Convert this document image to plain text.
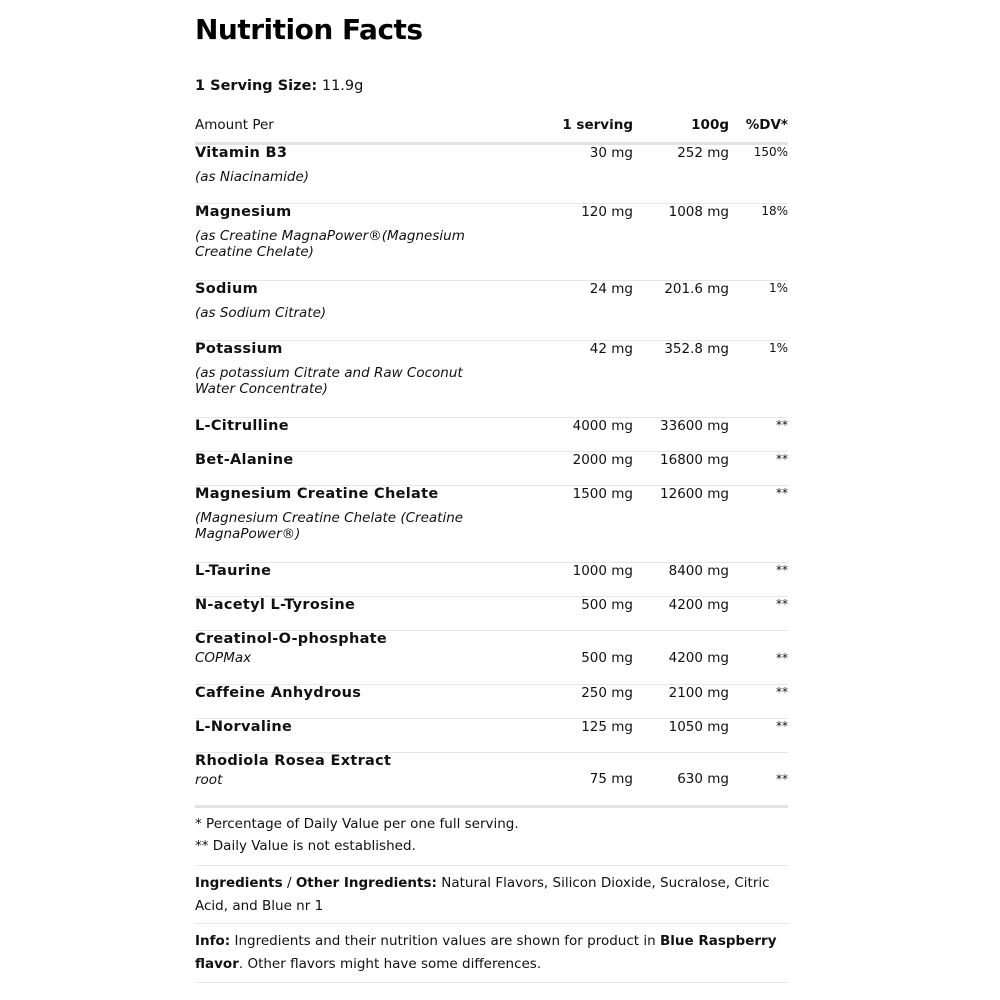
Nutrition Facts
1 Serving Size: 11.9g
Amount Per	1 serving	100g	%DV*

Vitamin B3
(as Niacinamide)	30 mg	252 mg	150%

Magnesium
(as Creatine MagnaPower®(Magnesium Creatine Chelate)	120 mg	1008 mg	18%

Sodium
(as Sodium Citrate)	24 mg	201.6 mg	1%

Potassium
(as potassium Citrate and Raw Coconut Water Concentrate)	42 mg	352.8 mg	1%

L-Citrulline	4000 mg	33600 mg	**

Bet-Alanine	2000 mg	16800 mg	**

Magnesium Creatine Chelate
(Magnesium Creatine Chelate (Creatine MagnaPower®)	1500 mg	12600 mg	**

L-Taurine	1000 mg	8400 mg	**

N-acetyl L-Tyrosine	500 mg	4200 mg	**

Creatinol-O-phosphate
COPMax	500 mg	4200 mg	**

Caffeine Anhydrous	250 mg	2100 mg	**

L-Norvaline	125 mg	1050 mg	**

Rhodiola Rosea Extract
root	75 mg	630 mg	**
* Percentage of Daily Value per one full serving.
** Daily Value is not established.
Ingredients / Other Ingredients: Natural Flavors, Silicon Dioxide, Sucralose, Citric Acid, and Blue nr 1
Info: Ingredients and their nutrition values are shown for product in Blue Raspberry flavor. Other flavors might have some differences.
